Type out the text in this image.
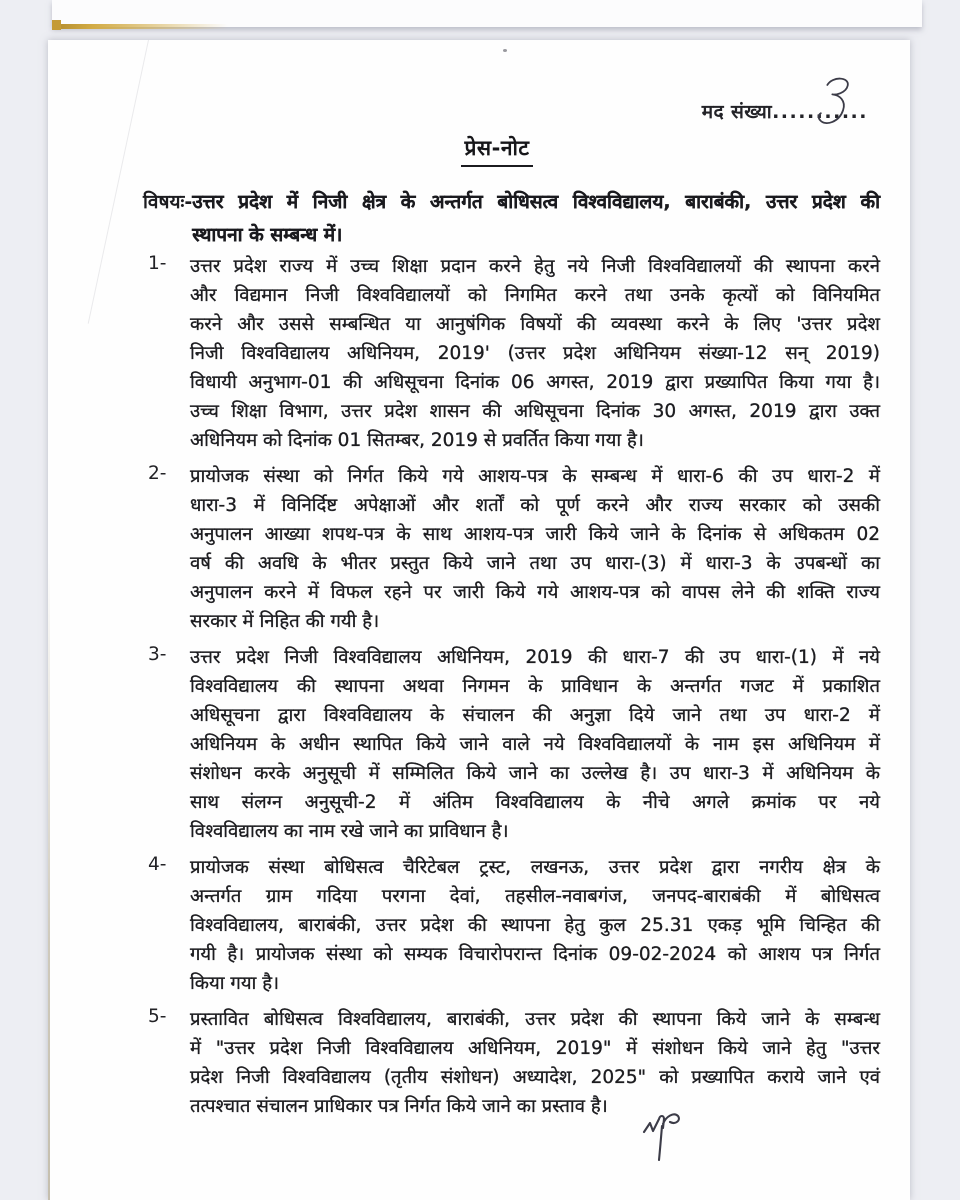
मद संख्या...........
प्रेस-नोट
विषयः- उत्तर प्रदेश में निजी क्षेत्र के अन्तर्गत बोधिसत्व विश्वविद्यालय, बाराबंकी, उत्तर प्रदेश की
स्थापना के सम्बन्ध में।
1-	उत्तर प्रदेश राज्य में उच्च शिक्षा प्रदान करने हेतु नये निजी विश्वविद्यालयों की स्थापना करने
और विद्यमान निजी विश्वविद्यालयों को निगमित करने तथा उनके कृत्यों को विनियमित
करने और उससे सम्बन्धित या आनुषंगिक विषयों की व्यवस्था करने के लिए 'उत्तर प्रदेश
निजी विश्वविद्यालय अधिनियम, 2019' (उत्तर प्रदेश अधिनियम संख्या-12 सन् 2019)
विधायी अनुभाग-01 की अधिसूचना दिनांक 06 अगस्त, 2019 द्वारा प्रख्यापित किया गया है।
उच्च शिक्षा विभाग, उत्तर प्रदेश शासन की अधिसूचना दिनांक 30 अगस्त, 2019 द्वारा उक्त
अधिनियम को दिनांक 01 सितम्बर, 2019 से प्रवर्तित किया गया है।
2-	प्रायोजक संस्था को निर्गत किये गये आशय-पत्र के सम्बन्ध में धारा-6 की उप धारा-2 में
धारा-3 में विनिर्दिष्ट अपेक्षाओं और शर्तों को पूर्ण करने और राज्य सरकार को उसकी
अनुपालन आख्या शपथ-पत्र के साथ आशय-पत्र जारी किये जाने के दिनांक से अधिकतम 02
वर्ष की अवधि के भीतर प्रस्तुत किये जाने तथा उप धारा-(3) में धारा-3 के उपबन्धों का
अनुपालन करने में विफल रहने पर जारी किये गये आशय-पत्र को वापस लेने की शक्ति राज्य
सरकार में निहित की गयी है।
3-	उत्तर प्रदेश निजी विश्वविद्यालय अधिनियम, 2019 की धारा-7 की उप धारा-(1) में नये
विश्वविद्यालय की स्थापना अथवा निगमन के प्राविधान के अन्तर्गत गजट में प्रकाशित
अधिसूचना द्वारा विश्वविद्यालय के संचालन की अनुज्ञा दिये जाने तथा उप धारा-2 में
अधिनियम के अधीन स्थापित किये जाने वाले नये विश्वविद्यालयों के नाम इस अधिनियम में
संशोधन करके अनुसूची में सम्मिलित किये जाने का उल्लेख है। उप धारा-3 में अधिनियम के
साथ संलग्न अनुसूची-2 में अंतिम विश्वविद्यालय के नीचे अगले क्रमांक पर नये
विश्वविद्यालय का नाम रखे जाने का प्राविधान है।
4-	प्रायोजक संस्था बोधिसत्व चैरिटेबल ट्रस्ट, लखनऊ, उत्तर प्रदेश द्वारा नगरीय क्षेत्र के
अन्तर्गत ग्राम गदिया परगना देवां, तहसील-नवाबगंज, जनपद-बाराबंकी में बोधिसत्व
विश्वविद्यालय, बाराबंकी, उत्तर प्रदेश की स्थापना हेतु कुल 25.31 एकड़ भूमि चिन्हित की
गयी है। प्रायोजक संस्था को सम्यक विचारोपरान्त दिनांक 09-02-2024 को आशय पत्र निर्गत
किया गया है।
5-	प्रस्तावित बोधिसत्व विश्वविद्यालय, बाराबंकी, उत्तर प्रदेश की स्थापना किये जाने के सम्बन्ध
में "उत्तर प्रदेश निजी विश्वविद्यालय अधिनियम, 2019" में संशोधन किये जाने हेतु "उत्तर
प्रदेश निजी विश्वविद्यालय (तृतीय संशोधन) अध्यादेश, 2025" को प्रख्यापित कराये जाने एवं
तत्पश्चात संचालन प्राधिकार पत्र निर्गत किये जाने का प्रस्ताव है।
